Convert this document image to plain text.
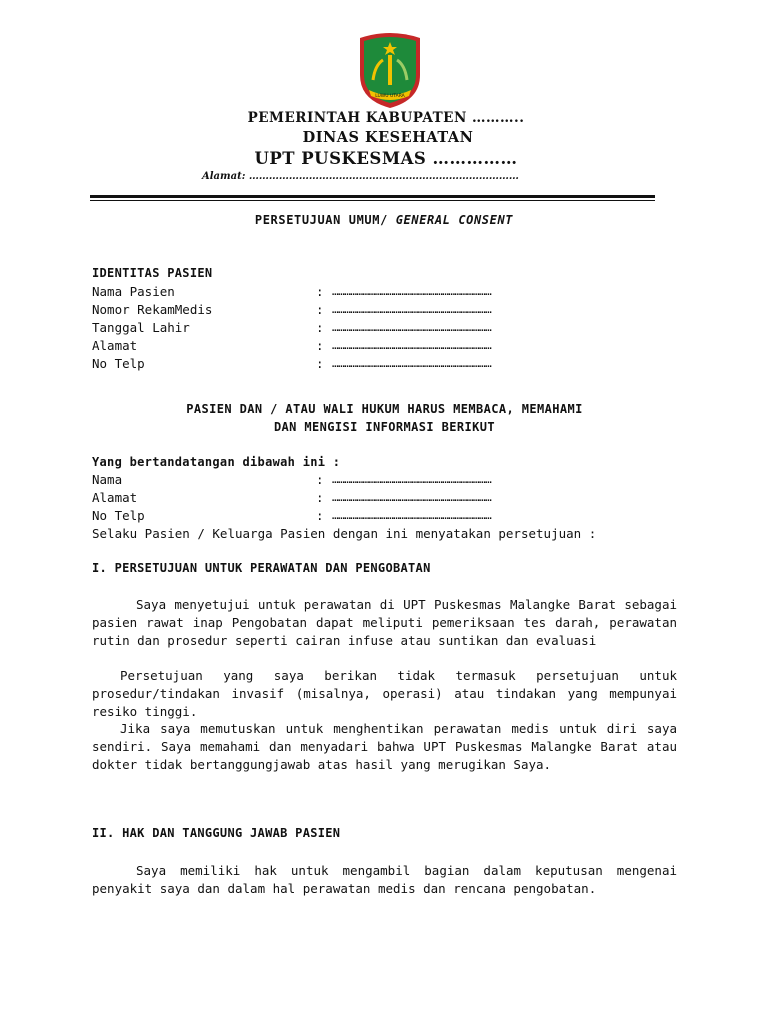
LUWU UTARA
PEMERINTAH KABUPATEN ………..
DINAS KESEHATAN
UPT PUSKESMAS ……………
Alamat: ………………………………………………………………………
PERSETUJUAN UMUM/ GENERAL CONSENT
IDENTITAS PASIEN
Nama Pasien	: ……………………………………………………………………
Nomor RekamMedis	: ……………………………………………………………………
Tanggal Lahir	: ……………………………………………………………………
Alamat	: ……………………………………………………………………
No Telp	: ……………………………………………………………………
PASIEN DAN / ATAU WALI HUKUM HARUS MEMBACA, MEMAHAMI
DAN MENGISI INFORMASI BERIKUT
Yang bertandatangan dibawah ini :
Nama	: ……………………………………………………………………
Alamat	: ……………………………………………………………………
No Telp	: ……………………………………………………………………
Selaku Pasien / Keluarga Pasien dengan ini menyatakan persetujuan :
I. PERSETUJUAN UNTUK PERAWATAN DAN PENGOBATAN
Saya menyetujui untuk perawatan di UPT Puskesmas Malangke Barat sebagai pasien rawat inap Pengobatan dapat meliputi pemeriksaan tes darah, perawatan rutin dan prosedur seperti cairan infuse atau suntikan dan evaluasi
Persetujuan yang saya berikan tidak termasuk persetujuan untuk prosedur/tindakan invasif (misalnya, operasi) atau tindakan yang mempunyai resiko tinggi.
Jika saya memutuskan untuk menghentikan perawatan medis untuk diri saya sendiri. Saya memahami dan menyadari bahwa UPT Puskesmas Malangke Barat atau dokter tidak bertanggungjawab atas hasil yang merugikan Saya.
II. HAK DAN TANGGUNG JAWAB PASIEN
Saya memiliki hak untuk mengambil bagian dalam keputusan mengenai penyakit saya dan dalam hal perawatan medis dan rencana pengobatan.
